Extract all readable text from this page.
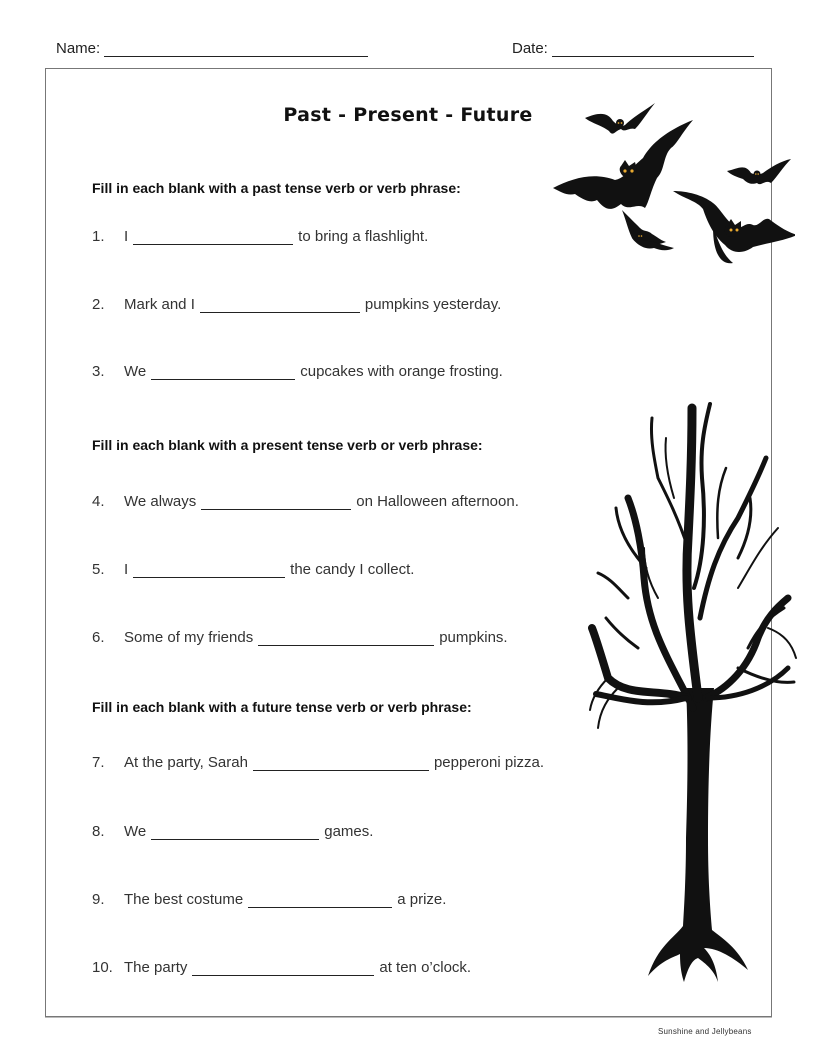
Name:	Date:
Past - Present - Future
Fill in each blank with a past tense verb or verb phrase:
1.	I	to bring a flashlight.
2.	Mark and I	pumpkins yesterday.
3.	We	cupcakes with orange frosting.
Fill in each blank with a present tense verb or verb phrase:
4.	We always	on Halloween afternoon.
5.	I	the candy I collect.
6.	Some of my friends	pumpkins.
Fill in each blank with a future tense verb or verb phrase:
7.	At the party, Sarah	pepperoni pizza.
8.	We	games.
9.	The best costume	a prize.
10. The party	at ten o’clock.
Sunshine and Jellybeans
